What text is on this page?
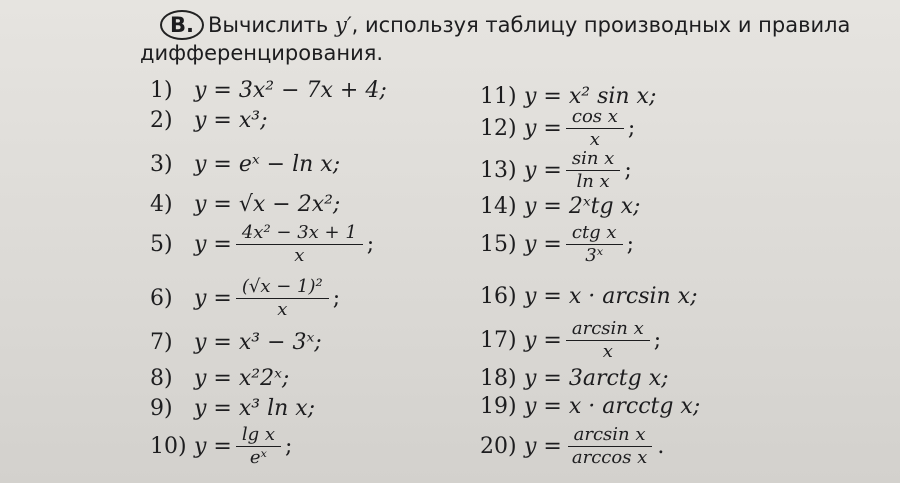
В. Вычислить y′, используя таблицу производных и правила
дифференцирования.
1) y = 3x² − 7x + 4;
2) y = x³;
3) y = eˣ − ln x;
4) y = √x − 2x²;
5) $y = \frac{\text{4x² − 3x + 1}}{x}$ ;
6) $y = \frac{\text{(√x − 1)²}}{x}$ ;
7) y = x³ − 3ˣ;
8) y = x²2ˣ;
9) y = x³ ln x;
10) $y = \frac{\text{lg x}}{\text{eˣ}}$ ;
11) y = x² sin x;
12) $y = \frac{\text{cos x}}{x}$ ;
13) $y = \frac{\text{sin x}}{\text{ln x}}$ ;
14) y = 2ˣtg x;
15) $y = \frac{\text{ctg x}}{\text{3ˣ}}$ ;
16) y = x · arcsin x;
17) $y = \frac{\text{arcsin x}}{x}$ ;
18) y = 3arctg x;
19) y = x · arcctg x;
20) $y = \frac{\text{arcsin x}}{\text{arccos x}}$ .
